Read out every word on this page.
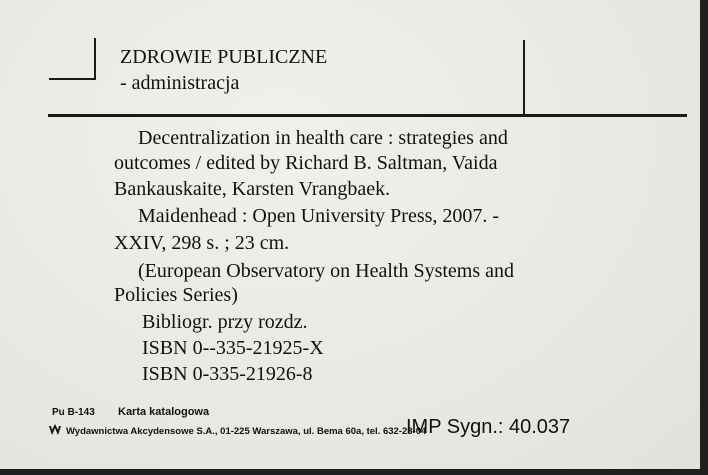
ZDROWIE PUBLICZNE
- administracja
Decentralization in health care : strategies and
outcomes / edited by Richard B. Saltman, Vaida
Bankauskaite, Karsten Vrangbaek.
Maidenhead : Open University Press, 2007. -
XXIV, 298 s. ; 23 cm.
(European Observatory on Health Systems and
Policies Series)
Bibliogr. przy rozdz.
ISBN 0--335-21925-X
ISBN 0-335-21926-8
Pu B-143 Karta katalogowa
Wydawnictwa Akcydensowe S.A., 01-225 Warszawa, ul. Bema 60a, tel. 632-28-04
IMP Sygn.: 40.037
